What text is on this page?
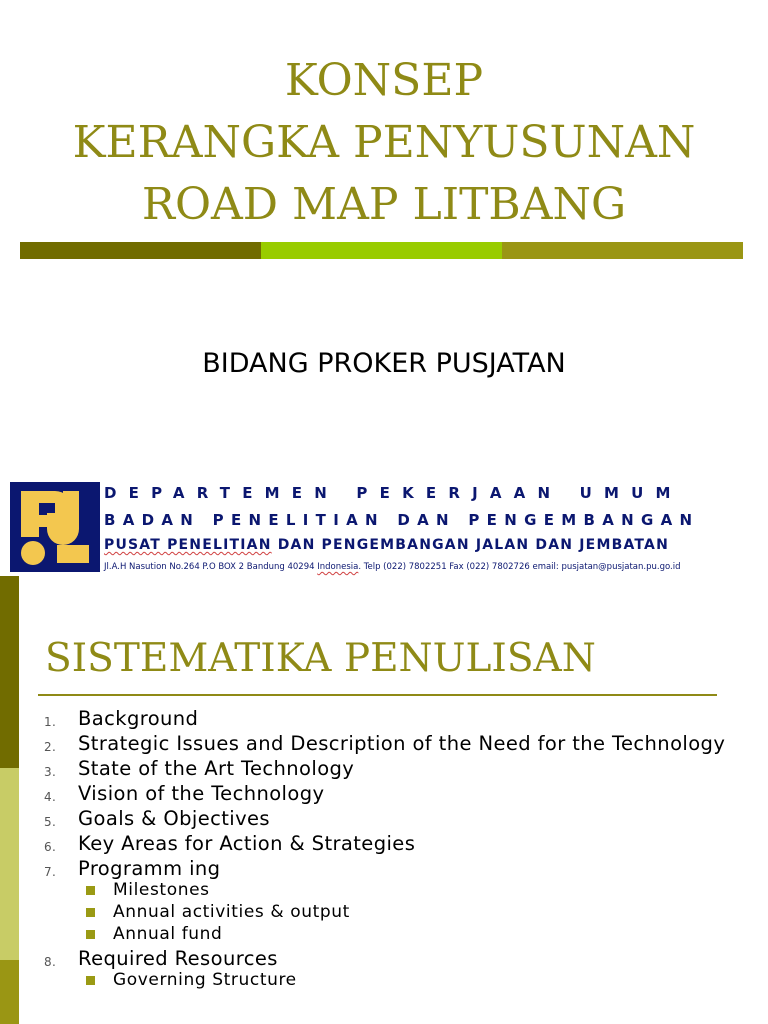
KONSEP
KERANGKA PENYUSUNAN
ROAD MAP LITBANG
BIDANG PROKER PUSJATAN
DEPARTEMEN PEKERJAAN UMUM
BADAN PENELITIAN DAN PENGEMBANGAN
PUSAT PENELITIAN DAN PENGEMBANGAN JALAN DAN JEMBATAN
Jl.A.H Nasution No.264 P.O BOX 2 Bandung 40294 Indonesia. Telp (022) 7802251 Fax (022) 7802726 email: pusjatan@pusjatan.pu.go.id
SISTEMATIKA PENULISAN
1. Background
2. Strategic Issues and Description of the Need for the Technology
3. State of the Art Technology
4. Vision of the Technology
5. Goals & Objectives
6. Key Areas for Action & Strategies
7. Programm ing
Milestones
Annual activities & output
Annual fund
8. Required Resources
Governing Structure
